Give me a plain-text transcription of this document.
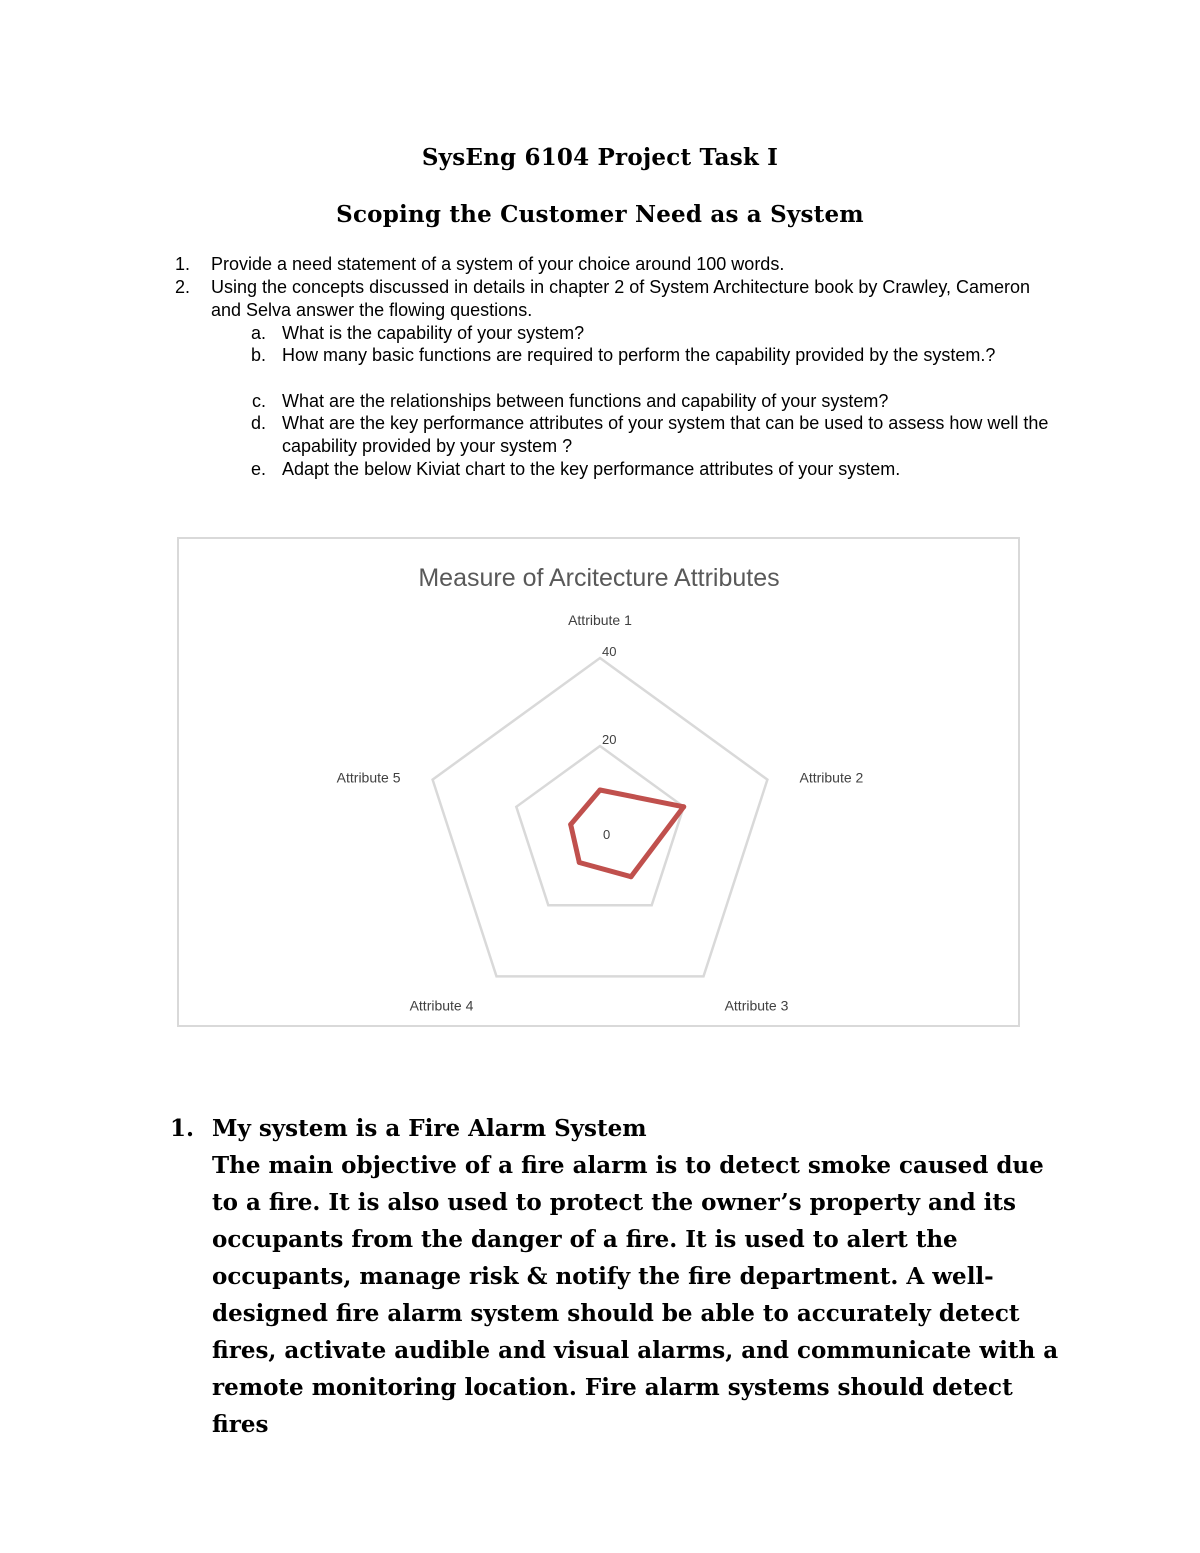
SysEng 6104 Project Task I
Scoping the Customer Need as a System
1. Provide a need statement of a system of your choice around 100 words.
2. Using the concepts discussed in details in chapter 2 of System Architecture book by Crawley, Cameron and Selva answer the flowing questions.
a. What is the capability of your system?
b. How many basic functions are required to perform the capability provided by the system.?
c. What are the relationships between functions and capability of your system?
d. What are the key performance attributes of your system that can be used to assess how well the capability provided by your system ?
e. Adapt the below Kiviat chart to the key performance attributes of your system.
Measure of Arcitecture Attributes
0
20
40
Attribute 1
Attribute 2
Attribute 3
Attribute 4
Attribute 5
1. My system is a Fire Alarm System
The main objective of a fire alarm is to detect smoke caused due to a fire. It is also used to protect the owner’s property and its occupants from the danger of a fire. It is used to alert the occupants, manage risk & notify the fire department. A well-designed fire alarm system should be able to accurately detect fires, activate audible and visual alarms, and communicate with a remote monitoring location. Fire alarm systems should detect fires
